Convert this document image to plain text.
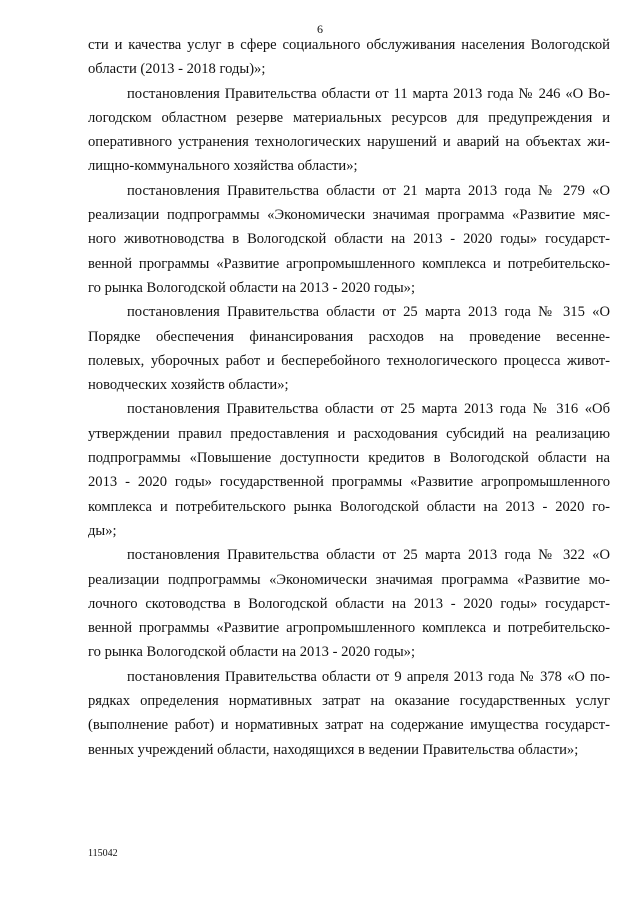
6
сти и качества услуг в сфере социального обслуживания населения Вологодской
области (2013 - 2018 годы)»;
постановления Правительства области от 11 марта 2013 года № 246 «О Во-
логодском областном резерве материальных ресурсов для предупреждения и
оперативного устранения технологических нарушений и аварий на объектах жи-
лищно-коммунального хозяйства области»;
постановления Правительства области от 21 марта 2013 года № 279 «О
реализации подпрограммы «Экономически значимая программа «Развитие мяс-
ного животноводства в Вологодской области на 2013 - 2020 годы» государст-
венной программы «Развитие агропромышленного комплекса и потребительско-
го рынка Вологодской области на 2013 - 2020 годы»;
постановления Правительства области от 25 марта 2013 года № 315 «О
Порядке обеспечения финансирования расходов на проведение весенне-
полевых, уборочных работ и бесперебойного технологического процесса живот-
новодческих хозяйств области»;
постановления Правительства области от 25 марта 2013 года № 316 «Об
утверждении правил предоставления и расходования субсидий на реализацию
подпрограммы «Повышение доступности кредитов в Вологодской области на
2013 - 2020 годы» государственной программы «Развитие агропромышленного
комплекса и потребительского рынка Вологодской области на 2013 - 2020 го-
ды»;
постановления Правительства области от 25 марта 2013 года № 322 «О
реализации подпрограммы «Экономически значимая программа «Развитие мо-
лочного скотоводства в Вологодской области на 2013 - 2020 годы» государст-
венной программы «Развитие агропромышленного комплекса и потребительско-
го рынка Вологодской области на 2013 - 2020 годы»;
постановления Правительства области от 9 апреля 2013 года № 378 «О по-
рядках определения нормативных затрат на оказание государственных услуг
(выполнение работ) и нормативных затрат на содержание имущества государст-
венных учреждений области, находящихся в ведении Правительства области»;
115042
